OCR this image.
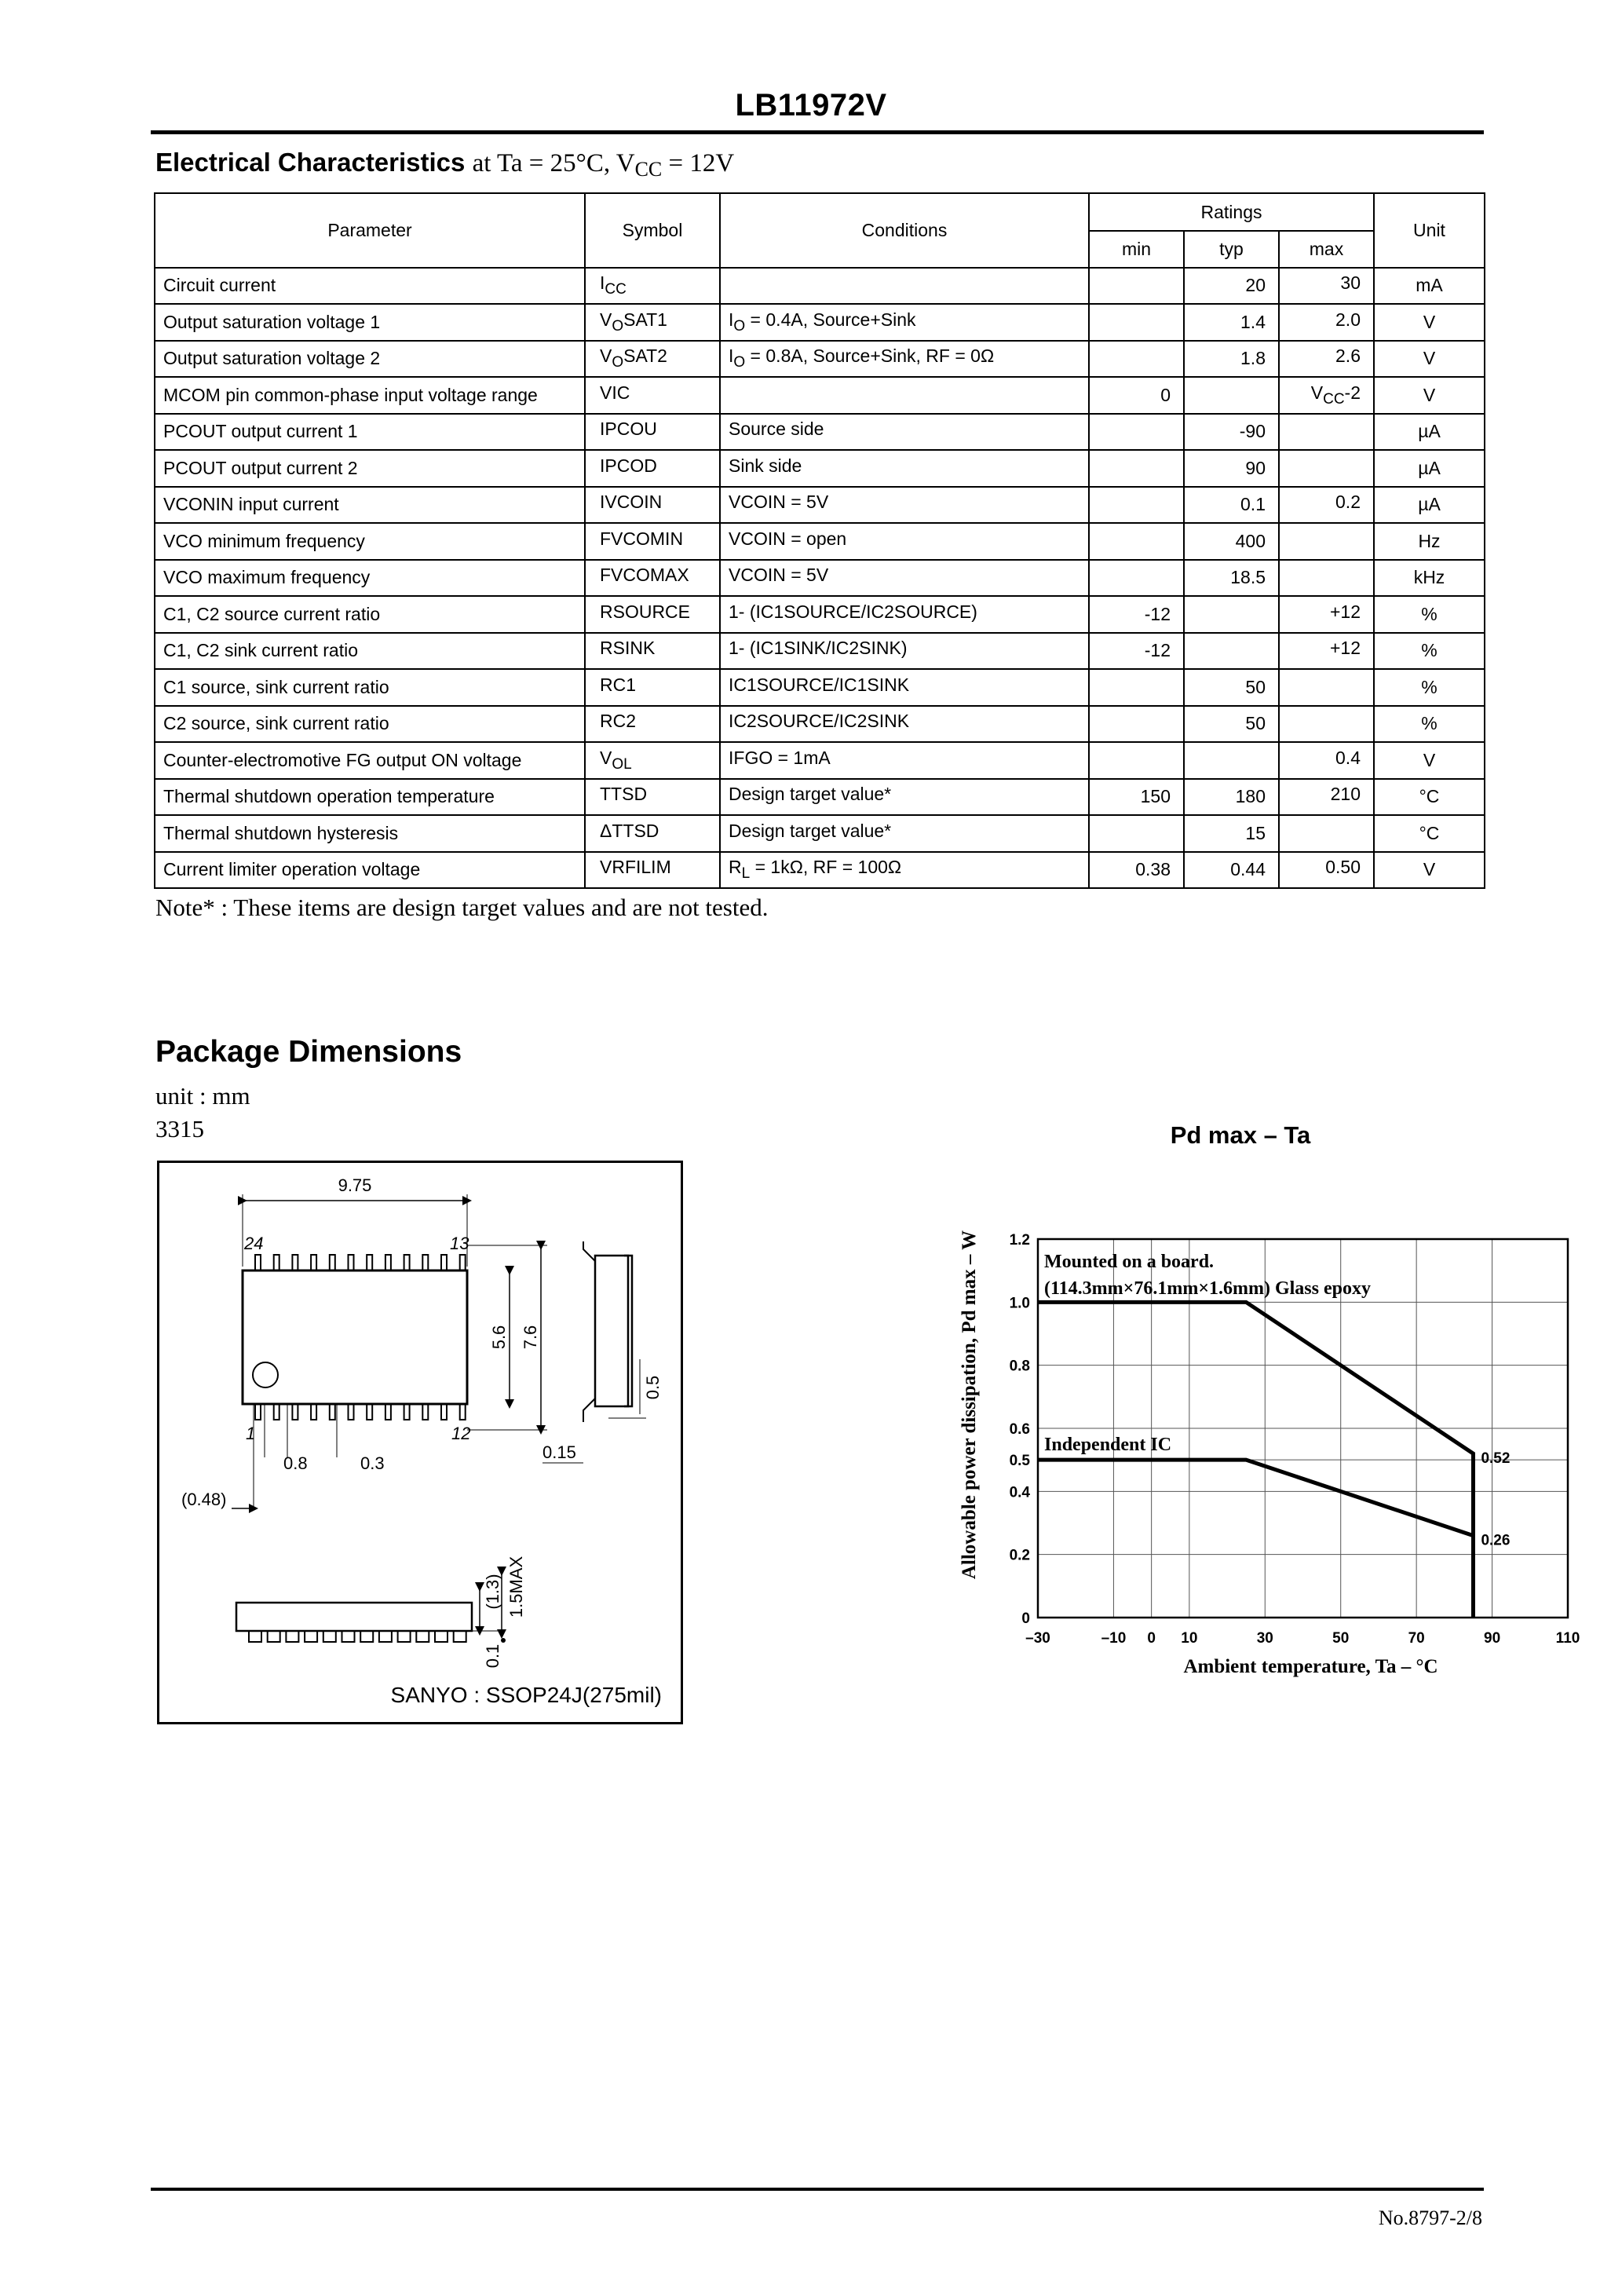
LB11972V
Electrical Characteristics at Ta = 25°C, $V_{CC} = 12V$
Parameter	Symbol	Conditions	Ratings			Unit
			min	typ	max	
Circuit current	$I_{CC}$			20	30	mA
Output saturation voltage 1	$V_OSAT1$	$I_O = 0.4A$, Source+Sink		1.4	2.0	V
Output saturation voltage 2	$V_OSAT2$	$I_O = 0.8A$, Source+Sink, RF = 0Ω		1.8	2.6	V
MCOM pin common-phase input voltage range	VIC		0		$V_{CC}-2$	V
PCOUT output current 1	IPCOU	Source side		-90		µA
PCOUT output current 2	IPCOD	Sink side		90		µA
VCONIN input current	IVCOIN	VCOIN = 5V		0.1	0.2	µA
VCO minimum frequency	FVCOMIN	VCOIN = open		400		Hz
VCO maximum frequency	FVCOMAX	VCOIN = 5V		18.5		kHz
C1, C2 source current ratio	RSOURCE	1- (IC1SOURCE/IC2SOURCE)	-12		+12	%
C1, C2 sink current ratio	RSINK	1- (IC1SINK/IC2SINK)	-12		+12	%
C1 source, sink current ratio	RC1	IC1SOURCE/IC1SINK		50		%
C2 source, sink current ratio	RC2	IC2SOURCE/IC2SINK		50		%
Counter-electromotive FG output ON voltage	$V_{OL}$	IFGO = 1mA			0.4	V
Thermal shutdown operation temperature	TTSD	Design target value*	150	180	210	°C
Thermal shutdown hysteresis	ΔTTSD	Design target value*		15		°C
Current limiter operation voltage	VRFILIM	$R_L = 1k\Omega$, RF = 100Ω	0.38	0.44	0.50	V
Note* : These items are design target values and are not tested.
Package Dimensions
unit : mm
3315
9.75
24	13
1	12
5.6 7.6
0.8	0.3
(0.48)
0.5
0.15
(1.3) 1.5MAX
0.1
SANYO : SSOP24J(275mil)
Pd max – Ta
–30	–10 0 10	30	50	70	90	110
0
0.2
0.4
0.5
0.6
0.8
1.0
1.2
0.52
0.26
Mounted on a board.
(114.3mm×76.1mm×1.6mm) Glass epoxy
Independent IC
Ambient temperature, Ta – °C
Allowable power dissipation, Pd max – W
No.8797-2/8
